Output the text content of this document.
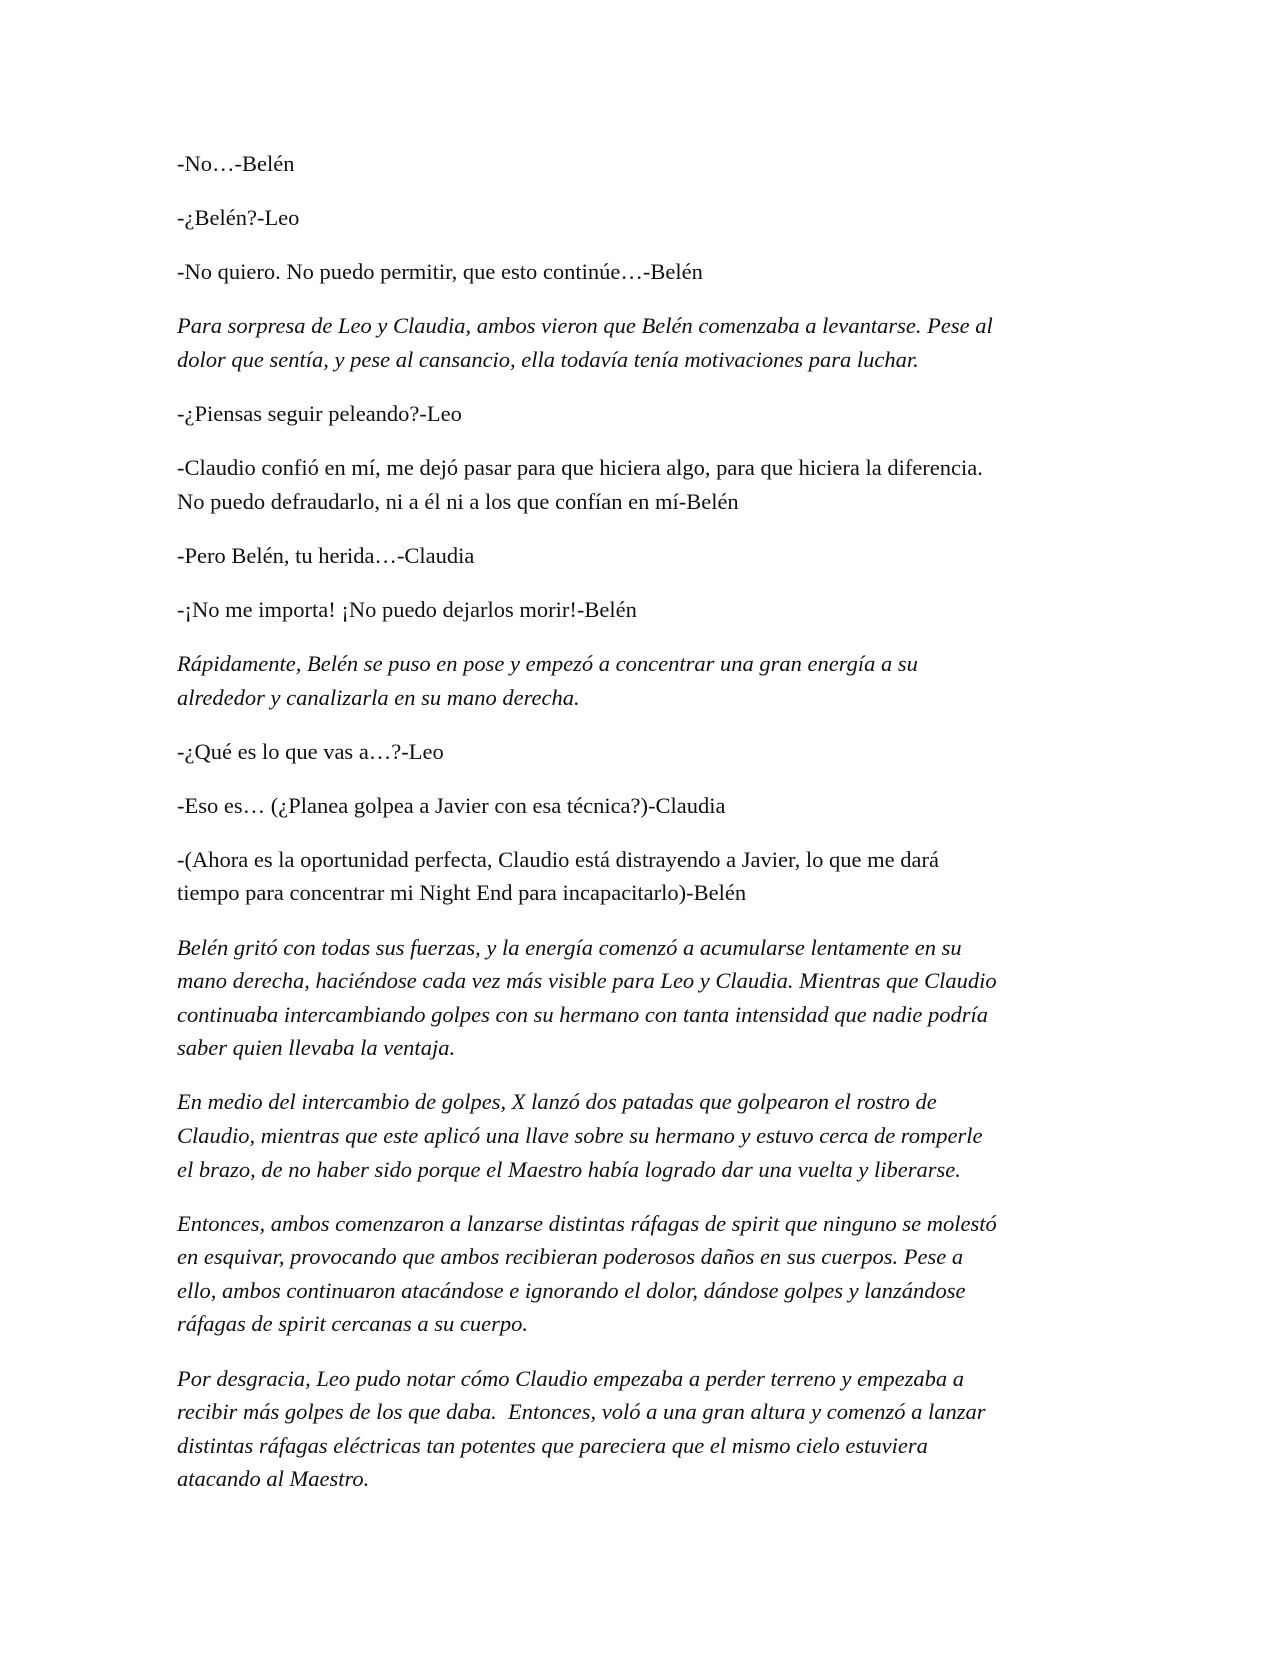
-No…-Belén

-¿Belén?-Leo

-No quiero. No puedo permitir, que esto continúe…-Belén

Para sorpresa de Leo y Claudia, ambos vieron que Belén comenzaba a levantarse. Pese al
dolor que sentía, y pese al cansancio, ella todavía tenía motivaciones para luchar.

-¿Piensas seguir peleando?-Leo

-Claudio confió en mí, me dejó pasar para que hiciera algo, para que hiciera la diferencia.
No puedo defraudarlo, ni a él ni a los que confían en mí-Belén

-Pero Belén, tu herida…-Claudia

-¡No me importa! ¡No puedo dejarlos morir!-Belén

Rápidamente, Belén se puso en pose y empezó a concentrar una gran energía a su
alrededor y canalizarla en su mano derecha.

-¿Qué es lo que vas a…?-Leo

-Eso es… (¿Planea golpea a Javier con esa técnica?)-Claudia

-(Ahora es la oportunidad perfecta, Claudio está distrayendo a Javier, lo que me dará
tiempo para concentrar mi Night End para incapacitarlo)-Belén

Belén gritó con todas sus fuerzas, y la energía comenzó a acumularse lentamente en su
mano derecha, haciéndose cada vez más visible para Leo y Claudia. Mientras que Claudio
continuaba intercambiando golpes con su hermano con tanta intensidad que nadie podría
saber quien llevaba la ventaja.

En medio del intercambio de golpes, X lanzó dos patadas que golpearon el rostro de
Claudio, mientras que este aplicó una llave sobre su hermano y estuvo cerca de romperle
el brazo, de no haber sido porque el Maestro había logrado dar una vuelta y liberarse.

Entonces, ambos comenzaron a lanzarse distintas ráfagas de spirit que ninguno se molestó
en esquivar, provocando que ambos recibieran poderosos daños en sus cuerpos. Pese a
ello, ambos continuaron atacándose e ignorando el dolor, dándose golpes y lanzándose
ráfagas de spirit cercanas a su cuerpo.

Por desgracia, Leo pudo notar cómo Claudio empezaba a perder terreno y empezaba a
recibir más golpes de los que daba.  Entonces, voló a una gran altura y comenzó a lanzar
distintas ráfagas eléctricas tan potentes que pareciera que el mismo cielo estuviera
atacando al Maestro.
